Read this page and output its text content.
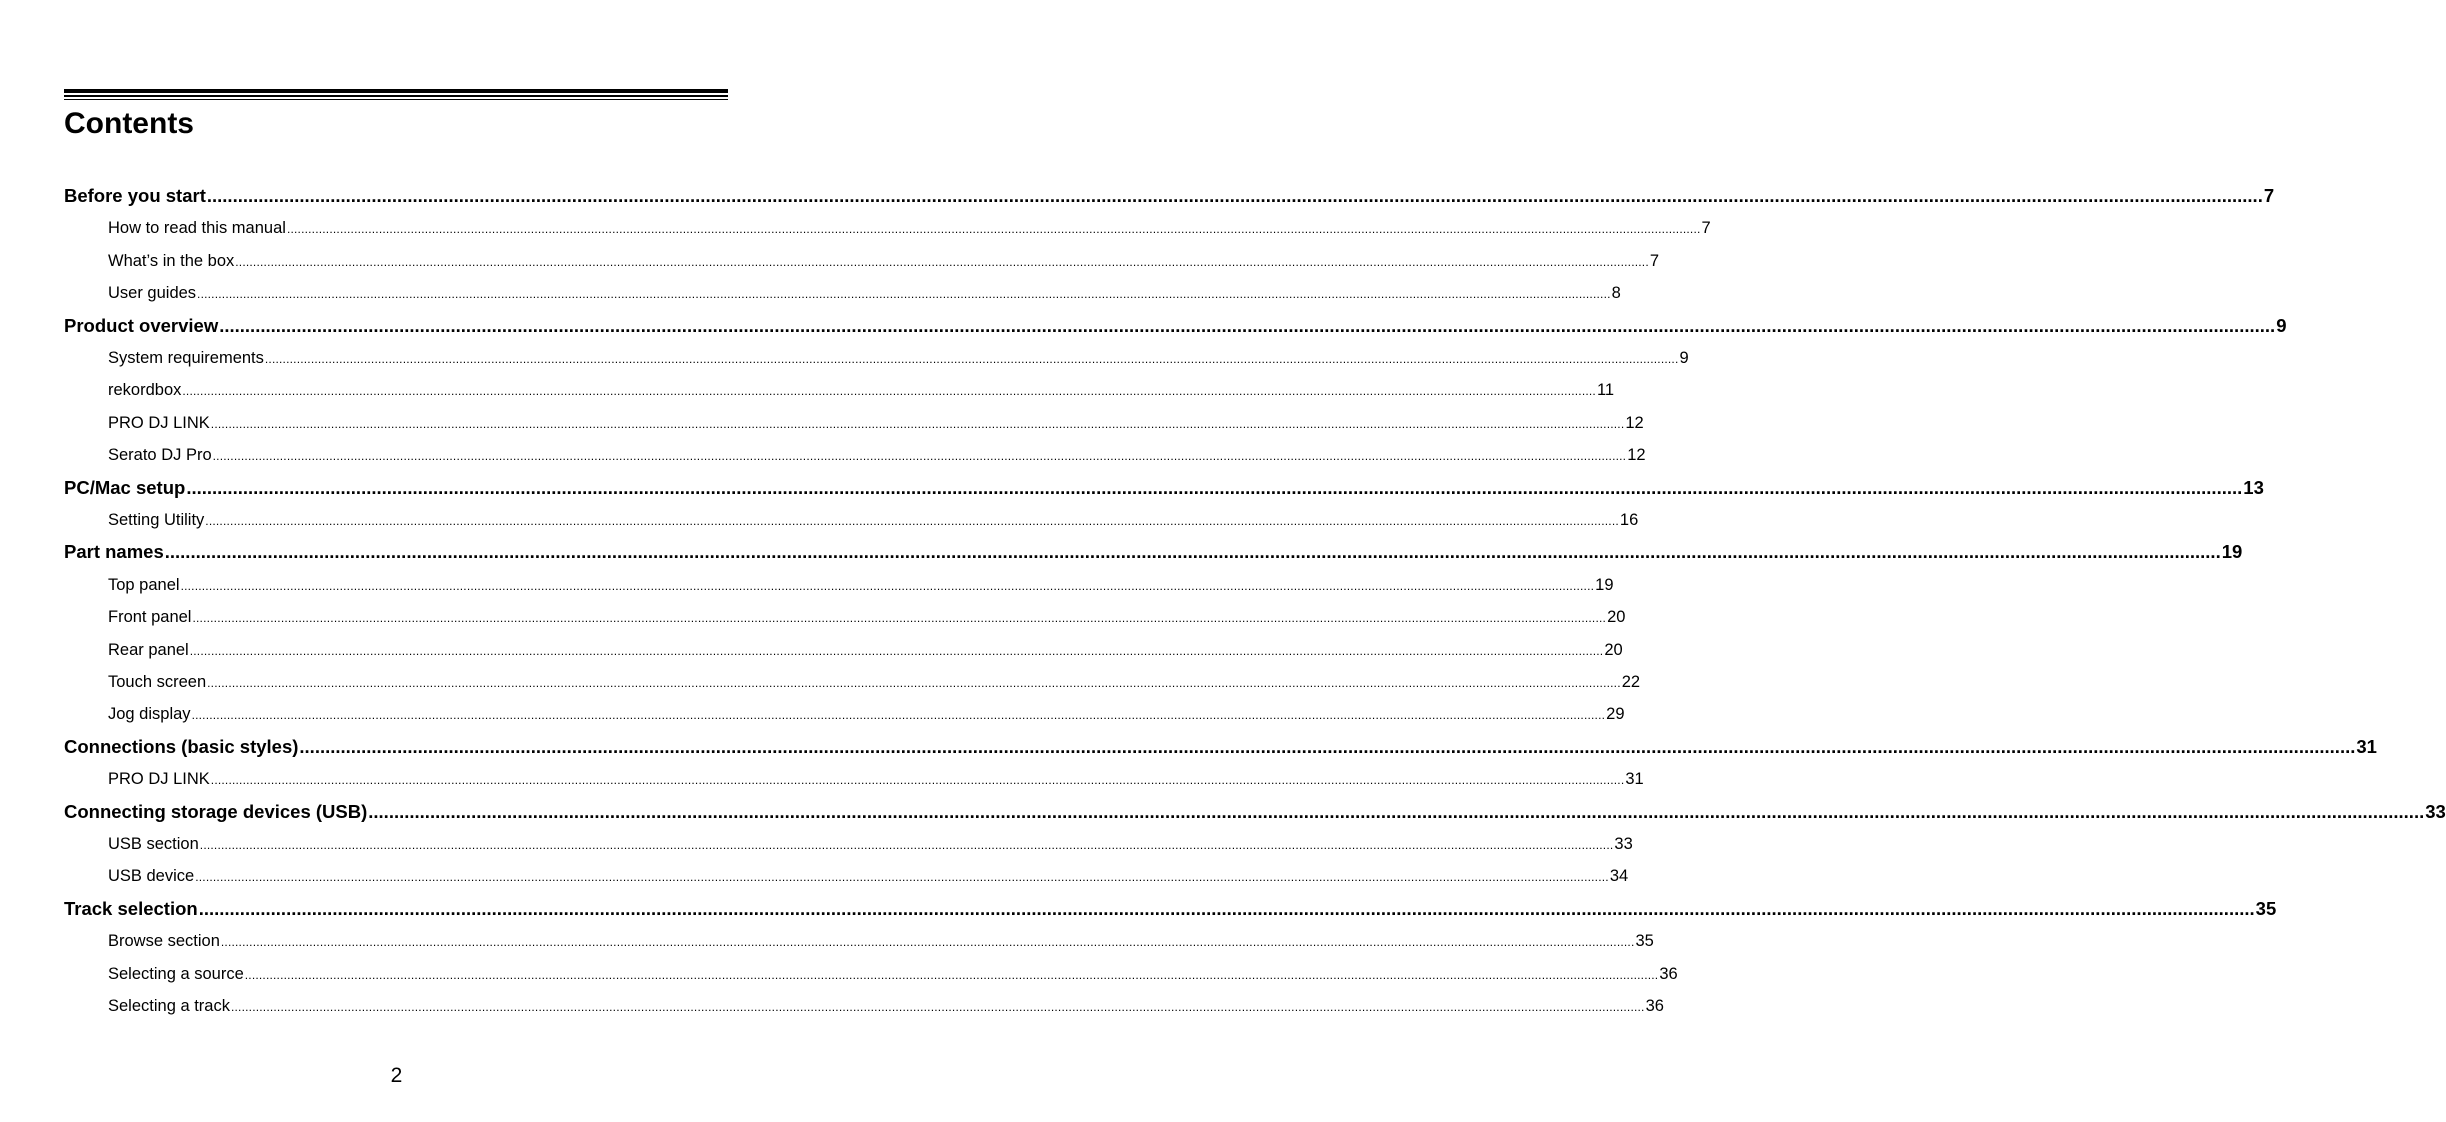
Contents
Before you start ................................................................................................................................................................................................................................................................................................................................................................................................................ 7
How to read this manual ................................................................................................................................................................................................................................................................................................................................................................................................................ 7
What’s in the box ................................................................................................................................................................................................................................................................................................................................................................................................................ 7
User guides ................................................................................................................................................................................................................................................................................................................................................................................................................ 8
Product overview ................................................................................................................................................................................................................................................................................................................................................................................................................ 9
System requirements ................................................................................................................................................................................................................................................................................................................................................................................................................ 9
rekordbox ................................................................................................................................................................................................................................................................................................................................................................................................................ 11
PRO DJ LINK ................................................................................................................................................................................................................................................................................................................................................................................................................ 12
Serato DJ Pro ................................................................................................................................................................................................................................................................................................................................................................................................................ 12
PC/Mac setup ................................................................................................................................................................................................................................................................................................................................................................................................................ 13
Setting Utility ................................................................................................................................................................................................................................................................................................................................................................................................................ 16
Part names ................................................................................................................................................................................................................................................................................................................................................................................................................ 19
Top panel ................................................................................................................................................................................................................................................................................................................................................................................................................ 19
Front panel ................................................................................................................................................................................................................................................................................................................................................................................................................ 20
Rear panel ................................................................................................................................................................................................................................................................................................................................................................................................................ 20
Touch screen ................................................................................................................................................................................................................................................................................................................................................................................................................ 22
Jog display ................................................................................................................................................................................................................................................................................................................................................................................................................ 29
Connections (basic styles) ................................................................................................................................................................................................................................................................................................................................................................................................................ 31
PRO DJ LINK ................................................................................................................................................................................................................................................................................................................................................................................................................ 31
Connecting storage devices (USB) ................................................................................................................................................................................................................................................................................................................................................................................................................ 33
USB section ................................................................................................................................................................................................................................................................................................................................................................................................................ 33
USB device ................................................................................................................................................................................................................................................................................................................................................................................................................ 34
Track selection ................................................................................................................................................................................................................................................................................................................................................................................................................ 35
Browse section ................................................................................................................................................................................................................................................................................................................................................................................................................ 35
Selecting a source ................................................................................................................................................................................................................................................................................................................................................................................................................ 36
Selecting a track ................................................................................................................................................................................................................................................................................................................................................................................................................ 36
2
